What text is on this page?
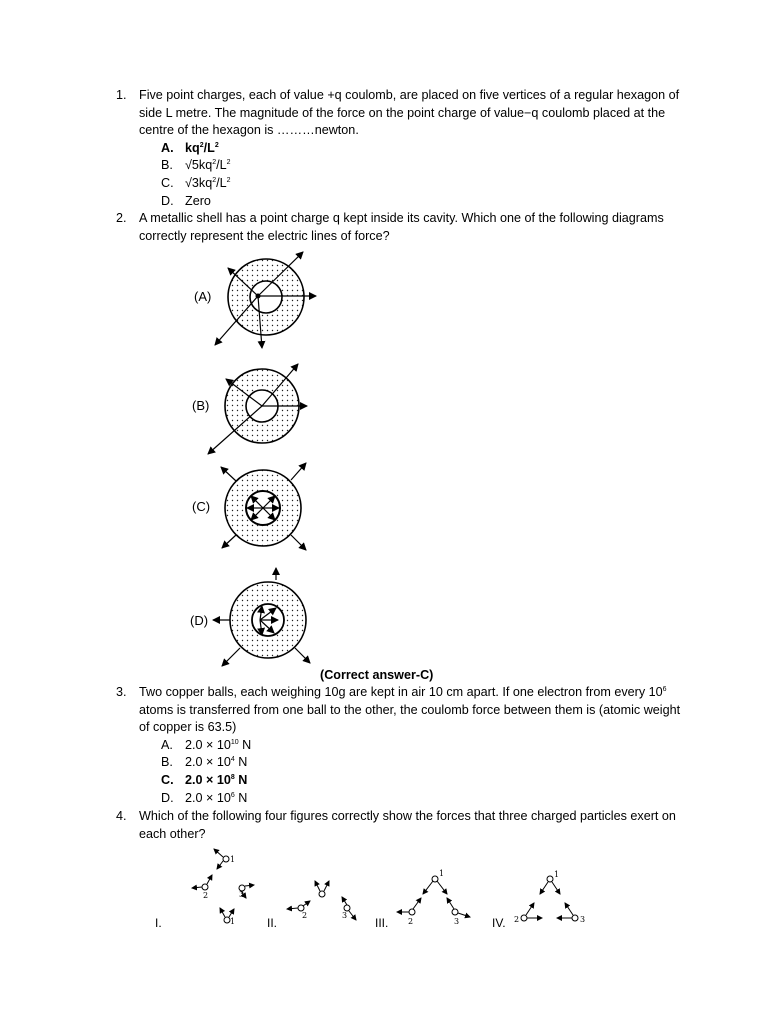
1. Five point charges, each of value +q coulomb, are placed on five vertices of a regular hexagon of side L metre. The magnitude of the force on the point charge of value−q coulomb placed at the centre of the hexagon is ………newton.
A. $kq^2/L^2$
B. $√5kq^2/L^2$
C. $√3kq^2/L^2$
D. Zero
2. A metallic shell has a point charge q kept inside its cavity. Which one of the following diagrams correctly represent the electric lines of force?
(A)
(B)
(C)
(D)
(Correct answer-C)
3. Two copper balls, each weighing 10g are kept in air 10 cm apart. If one electron from every $10^6$ atoms is transferred from one ball to the other, the coulomb force between them is (atomic weight of copper is 63.5)
A. $2.0 \times 10^{10}$ N
B. $2.0 \times 10^4$ N
C. $2.0 \times 10^8$ N
D. $2.0 \times 10^6$ N
4. Which of the following four figures correctly show the forces that three charged particles exert on each other?
1
2	3
1
2	3
1
2	3
1
2	3
I.	II.	III.	IV.
